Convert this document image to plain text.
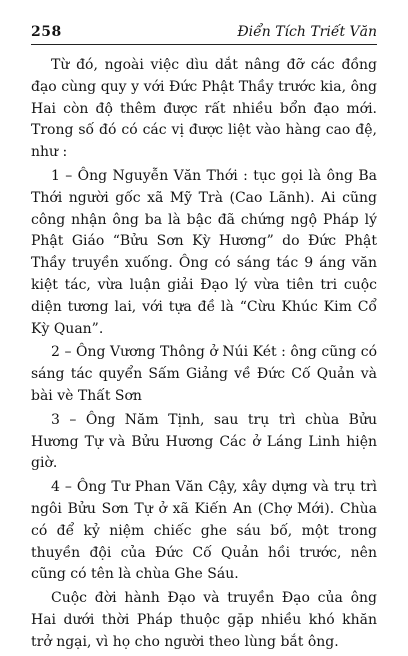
258	Điển Tích Triết Văn

Từ đó, ngoài việc dìu dắt nâng đỡ các đồng đạo cùng quy y với Đức Phật Thầy trước kia, ông Hai còn độ thêm được rất nhiều bổn đạo mới. Trong số đó có các vị được liệt vào hàng cao đệ, như :

1 – Ông Nguyễn Văn Thới : tục gọi là ông Ba Thới người gốc xã Mỹ Trà (Cao Lãnh). Ai cũng công nhận ông ba là bậc đã chứng ngộ Pháp lý Phật Giáo “Bửu Sơn Kỳ Hương” do Đức Phật Thầy truyền xuống. Ông có sáng tác 9 áng văn kiệt tác, vừa luận giải Đạo lý vừa tiên tri cuộc diện tương lai, với tựa đề là “Cừu Khúc Kim Cổ Kỳ Quan”.

2 – Ông Vương Thông ở Núi Két : ông cũng có sáng tác quyển Sấm Giảng về Đức Cố Quản và bài vè Thất Sơn

3 – Ông Năm Tịnh, sau trụ trì chùa Bửu Hương Tự và Bửu Hương Các ở Láng Linh hiện giờ.

4 – Ông Tư Phan Văn Cậy, xây dựng và trụ trì ngôi Bửu Sơn Tự ở xã Kiến An (Chợ Mới). Chùa có để kỷ niệm chiếc ghe sáu bố, một trong thuyền đội của Đức Cố Quản hồi trước, nên cũng có tên là chùa Ghe Sáu.

Cuộc đời hành Đạo và truyền Đạo của ông Hai dưới thời Pháp thuộc gặp nhiều khó khăn trở ngại, vì họ cho người theo lùng bắt ông.
